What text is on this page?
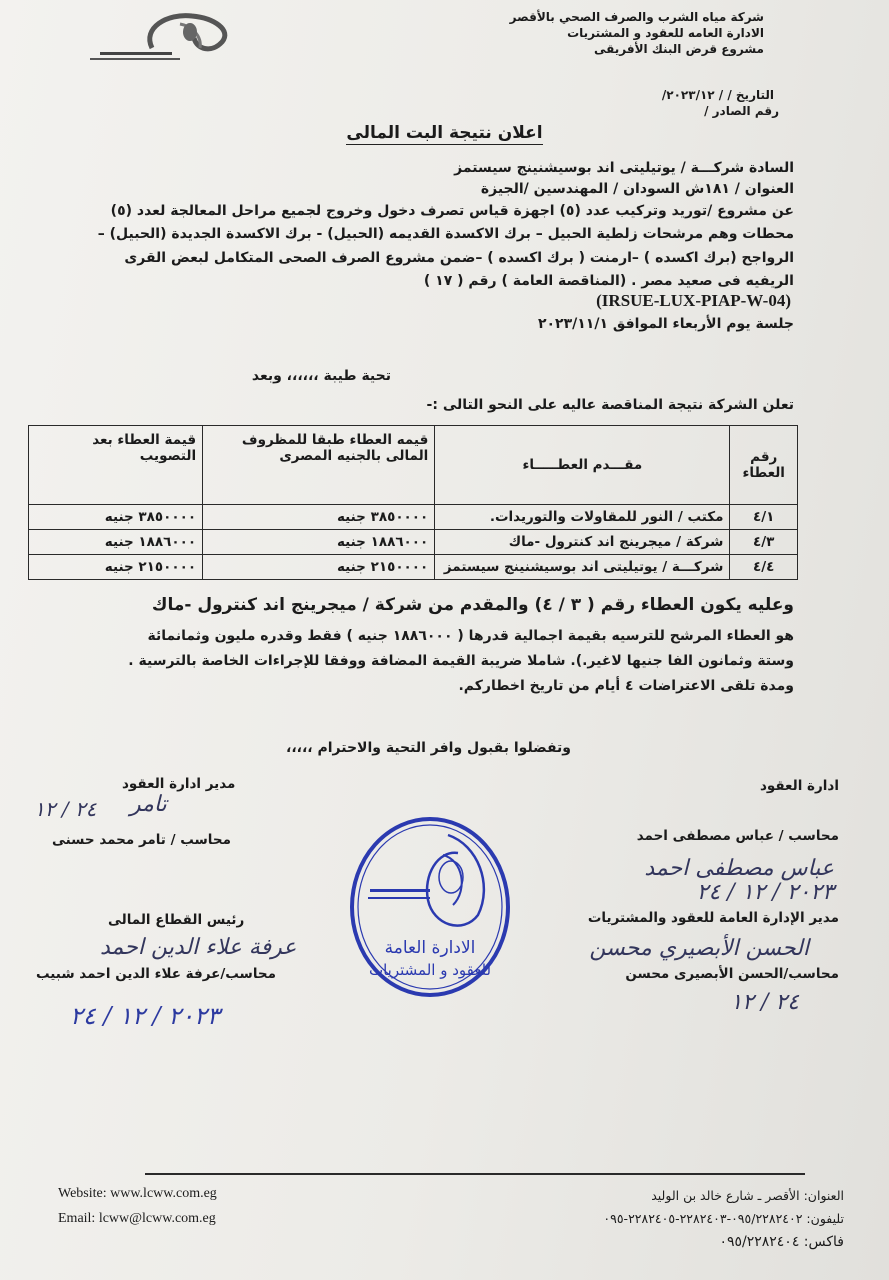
شركة مياه الشرب والصرف الصحي بالأقصر
الادارة العامه للعقود و المشتريات
مشروع قرض البنك الأفريقى
التاريخ / / ٢٠٢٣/١٢/
رقم الصادر /
اعلان نتيجة البت المالى
السادة شركـــة / يوتيليتى اند بوسيشنينج سيستمز
العنوان / ١٨١ش السودان / المهندسين /الجيزة
عن مشروع /توريد وتركيب عدد (٥) اجهزة قياس تصرف دخول وخروج لجميع مراحل المعالجة لعدد (٥)
محطات وهم مرشحات زلطية الحبيل – برك الاكسدة القديمه (الحبيل) - برك الاكسدة الجديدة (الحبيل) –
الرواجح (برك اكسده ) –ارمنت ( برك اكسده ) –ضمن مشروع الصرف الصحى المتكامل لبعض القرى
الريفيه فى صعيد مصر . (المناقصة العامة ) رقم ( ١٧ )
(IRSUE-LUX-PIAP-W-04)
جلسة يوم الأربعاء الموافق ٢٠٢٣/١١/١
تحية طيبة ،،،،،، وبعد
تعلن الشركة نتيجة المناقصة عاليه على النحو التالى :-
رقم العطاء	مقـــدم العطـــــاء	قيمه العطاء طبقا للمظروف المالى بالجنيه المصرى	قيمة العطاء بعد التصويب
٤/١	مكتب / النور للمقاولات والتوريدات.	٣٨٥٠٠٠٠ جنيه	٣٨٥٠٠٠٠ جنيه
٤/٣	شركة / ميجرينج اند كنترول -ماك	١٨٨٦٠٠٠ جنيه	١٨٨٦٠٠٠ جنيه
٤/٤	شركـــة / يوتيليتى اند بوسيشنينج سيستمز	٢١٥٠٠٠٠ جنيه	٢١٥٠٠٠٠ جنيه
وعليه يكون العطاء رقم ( ٣ / ٤) والمقدم من شركة / ميجرينج اند كنترول -ماك
هو العطاء المرشح للترسيه بقيمة اجمالية قدرها ( ١٨٨٦٠٠٠ جنيه ) فقط وقدره مليون وثمانمائة
وستة وثمانون الفا جنيها لاغير.). شاملا ضريبة القيمة المضافة ووفقا للإجراءات الخاصة بالترسية .
ومدة تلقى الاعتراضات ٤ أيام من تاريخ اخطاركم.
وتفضلوا بقبول وافر التحية والاحترام ،،،،،
ادارة العقود
محاسب / عباس مصطفى احمد
عباس مصطفى احمد
٢٠٢٣ / ١٢ / ٢٤
مدير الإدارة العامة للعقود والمشتريات
الحسن الأبصيري محسن
محاسب/الحسن الأبصيرى محسن
٢٤ / ١٢
مدير ادارة العقود
تامر
٢٤ / ١٢
محاسب / تامر محمد حسنى
رئيس القطاع المالى
عرفة علاء الدين احمد
محاسب/عرفة علاء الدين احمد شبيب
٢٠٢٣ / ١٢ / ٢٤
الادارة العامة
للعقود و المشتريات
Website: www.lcww.com.eg
Email: lcww@lcww.com.eg
العنوان: الأقصر ـ شارع خالد بن الوليد
تليفون: ٠٩٥/٢٢٨٢٤٠٢-٢٢٨٢٤٠٣-٢٢٨٢٤٠٥-٠٩٥
فاكس: ٠٩٥/٢٢٨٢٤٠٤
